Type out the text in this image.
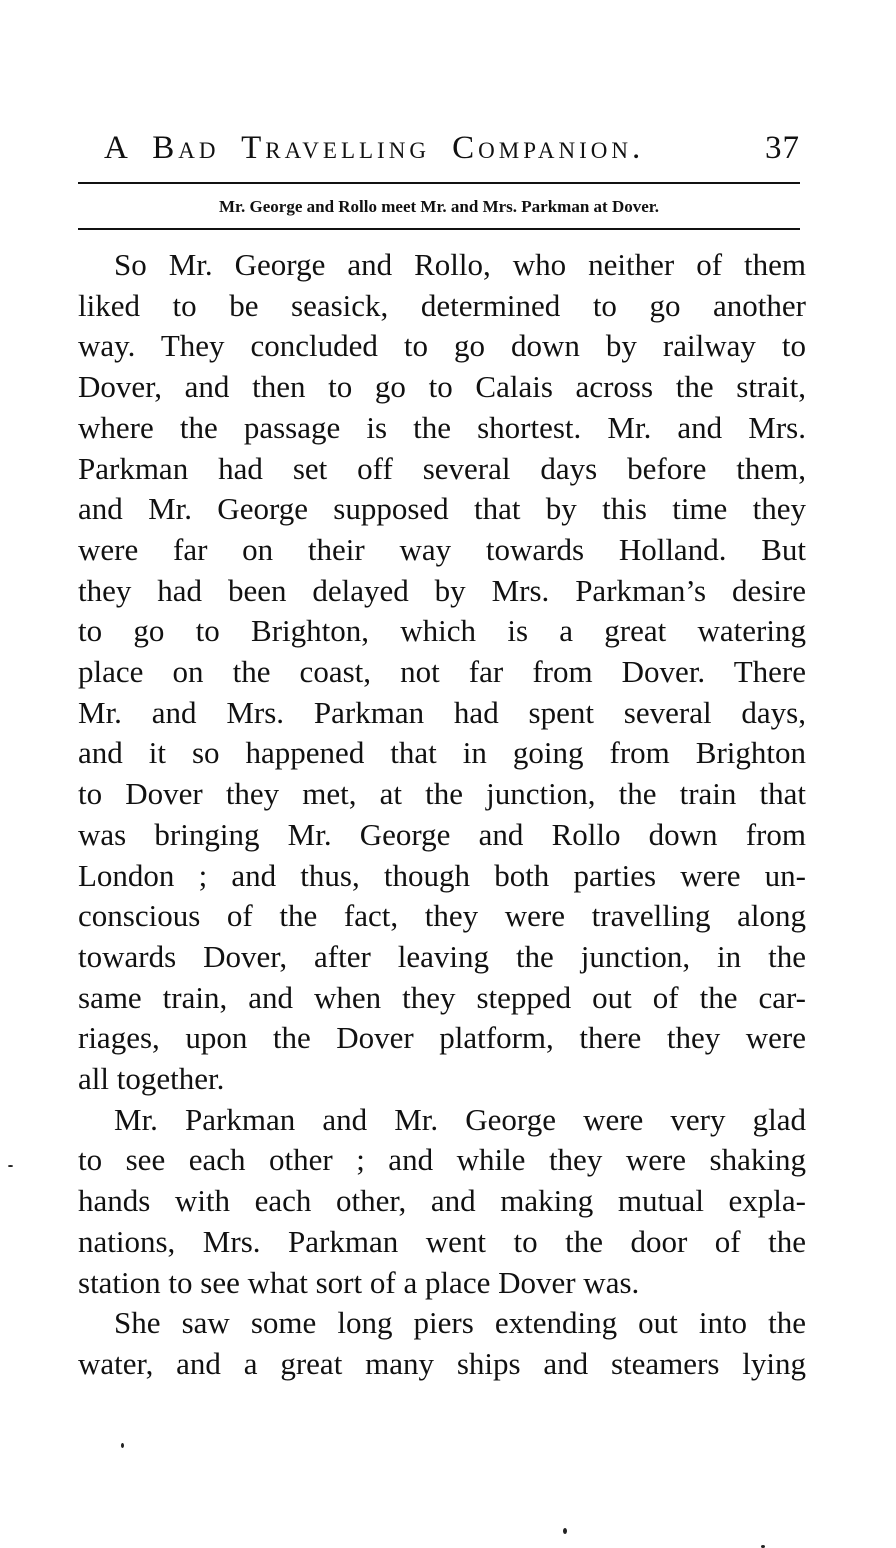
A Bad Travelling Companion.	37
Mr. George and Rollo meet Mr. and Mrs. Parkman at Dover.
So Mr. George and Rollo, who neither of them
liked to be seasick, determined to go another
way. They concluded to go down by railway to
Dover, and then to go to Calais across the strait,
where the passage is the shortest. Mr. and Mrs.
Parkman had set off several days before them,
and Mr. George supposed that by this time they
were far on their way towards Holland. But
they had been delayed by Mrs. Parkman’s desire
to go to Brighton, which is a great watering
place on the coast, not far from Dover. There
Mr. and Mrs. Parkman had spent several days,
and it so happened that in going from Brighton
to Dover they met, at the junction, the train that
was bringing Mr. George and Rollo down from
London ; and thus, though both parties were un-
conscious of the fact, they were travelling along
towards Dover, after leaving the junction, in the
same train, and when they stepped out of the car-
riages, upon the Dover platform, there they were
all together.
Mr. Parkman and Mr. George were very glad
to see each other ; and while they were shaking
hands with each other, and making mutual expla-
nations, Mrs. Parkman went to the door of the
station to see what sort of a place Dover was.
She saw some long piers extending out into the
water, and a great many ships and steamers lying
